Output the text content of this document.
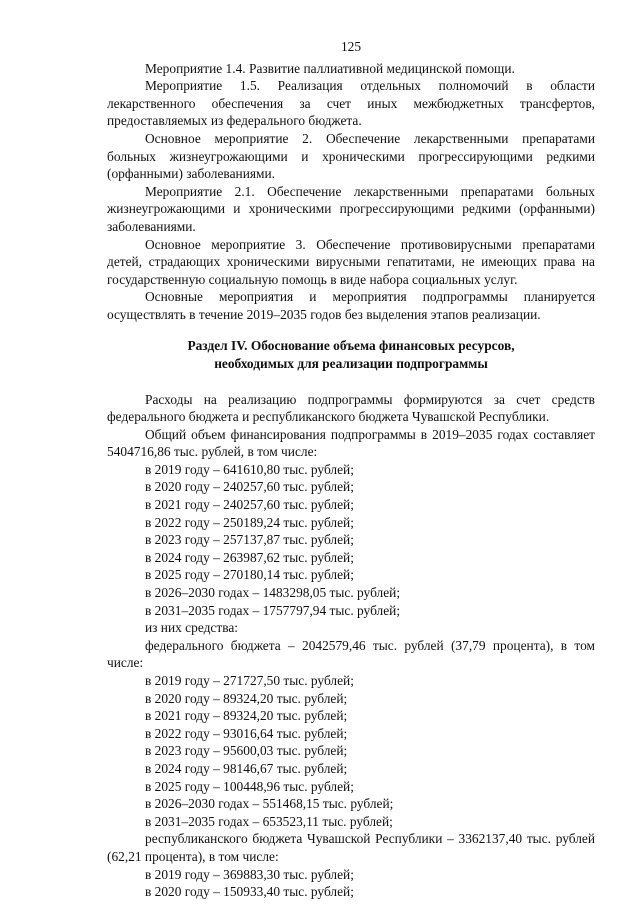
125

Мероприятие 1.4. Развитие паллиативной медицинской помощи.

Мероприятие 1.5. Реализация отдельных полномочий в области лекарственного обеспечения за счет иных межбюджетных трансфертов, предоставляемых из федерального бюджета.

Основное мероприятие 2. Обеспечение лекарственными препаратами больных жизнеугрожающими и хроническими прогрессирующими редкими (орфанными) заболеваниями.

Мероприятие 2.1. Обеспечение лекарственными препаратами больных жизнеугрожающими и хроническими прогрессирующими редкими (орфанными) заболеваниями.

Основное мероприятие 3. Обеспечение противовирусными препаратами детей, страдающих хроническими вирусными гепатитами, не имеющих права на государственную социальную помощь в виде набора социальных услуг.

Основные мероприятия и мероприятия подпрограммы планируется осуществлять в течение 2019–2035 годов без выделения этапов реализации.

Раздел IV. Обоснование объема финансовых ресурсов,
необходимых для реализации подпрограммы

Расходы на реализацию подпрограммы формируются за счет средств федерального бюджета и республиканского бюджета Чувашской Республики.

Общий объем финансирования подпрограммы в 2019–2035 годах составляет 5404716,86 тыс. рублей, в том числе:

в 2019 году – 641610,80 тыс. рублей;
в 2020 году – 240257,60 тыс. рублей;
в 2021 году – 240257,60 тыс. рублей;
в 2022 году – 250189,24 тыс. рублей;
в 2023 году – 257137,87 тыс. рублей;
в 2024 году – 263987,62 тыс. рублей;
в 2025 году – 270180,14 тыс. рублей;
в 2026–2030 годах – 1483298,05 тыс. рублей;
в 2031–2035 годах – 1757797,94 тыс. рублей;
из них средства:

федерального бюджета – 2042579,46 тыс. рублей (37,79 процента), в том числе:

в 2019 году – 271727,50 тыс. рублей;
в 2020 году – 89324,20 тыс. рублей;
в 2021 году – 89324,20 тыс. рублей;
в 2022 году – 93016,64 тыс. рублей;
в 2023 году – 95600,03 тыс. рублей;
в 2024 году – 98146,67 тыс. рублей;
в 2025 году – 100448,96 тыс. рублей;
в 2026–2030 годах – 551468,15 тыс. рублей;
в 2031–2035 годах – 653523,11 тыс. рублей;

республиканского бюджета Чувашской Республики – 3362137,40 тыс. рублей (62,21 процента), в том числе:

в 2019 году – 369883,30 тыс. рублей;
в 2020 году – 150933,40 тыс. рублей;
